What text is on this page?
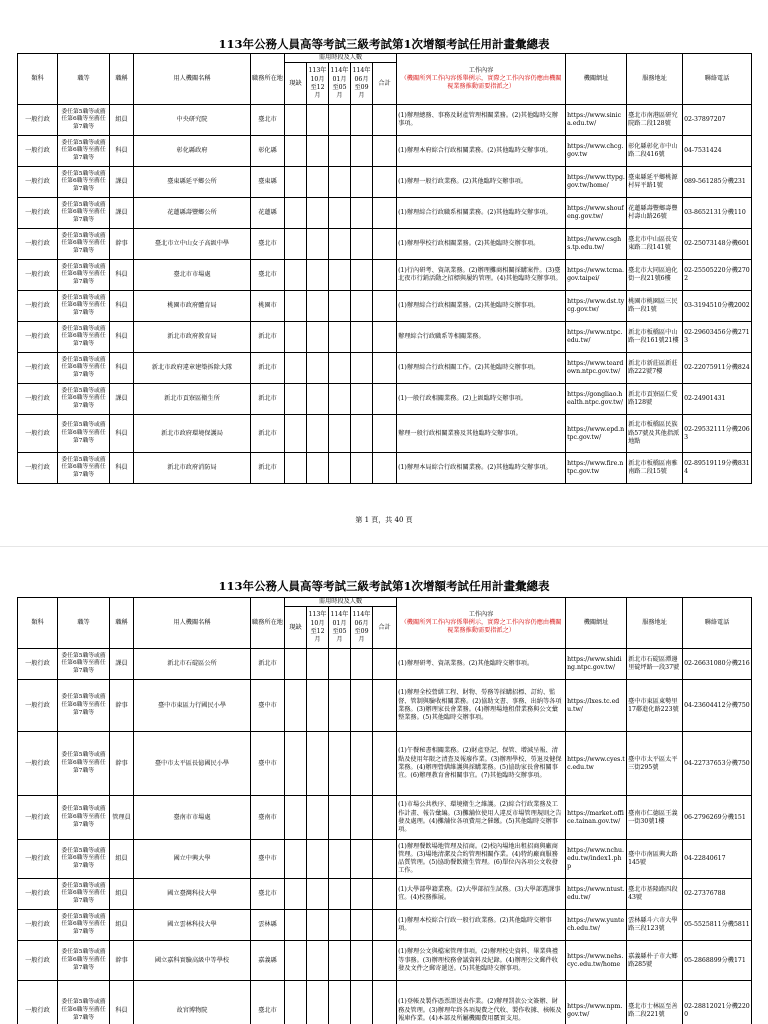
113年公務人員高等考試三級考試第1次增額考試任用計畫彙總表
類科	職等	職稱	用人機關名稱	職務所在地	需用時段及人數					工作內容
（機關所列工作內容係舉例示，實際之工作內容仍應由機關視業務推動需要指派之）	機關網址	服務地址	聯絡電話
					現缺	113年10月至12月	114年01月至05月	114年06月至09月	合計				
一般行政	委任第5職等或薦任第6職等至薦任第7職等	組員	中央研究院	臺北市						(1)辦理總務、事務及財產管理相關業務。(2)其他臨時交辦事項。	https://www.sinica.edu.tw/	臺北市南港區研究院路二段128號	02-37897207
一般行政	委任第5職等或薦任第6職等至薦任第7職等	科員	彰化縣政府	彰化縣						(1)辦理本府綜合行政相關業務。(2)其他臨時交辦事項。	https://www.chcg.gov.tw	彰化縣彰化市中山路二段416號	04-7531424
一般行政	委任第5職等或薦任第6職等至薦任第7職等	課員	臺東縣延平鄉公所	臺東縣						(1)辦理一般行政業務。(2)其他臨時交辦事項。	https://www.ttypg.gov.tw/home/	臺東縣延平鄉桃源村昇平路1號	089-561285分機231
一般行政	委任第5職等或薦任第6職等至薦任第7職等	課員	花蓮縣壽豐鄉公所	花蓮縣						(1)辦理綜合行政職系相關業務。(2)其他臨時交辦事項。	https://www.shoufeng.gov.tw/	花蓮縣壽豐鄉壽豐村壽山路26號	03-8652131分機110
一般行政	委任第5職等或薦任第6職等至薦任第7職等	幹事	臺北市立中山女子高級中學	臺北市						(1)辦理學校行政相關業務。(2)其他臨時交辦事項。	https://www.csghs.tp.edu.tw/	臺北市中山區長安東路二段141號	02-25073148分機601
一般行政	委任第5職等或薦任第6職等至薦任第7職等	科員	臺北市市場處	臺北市						(1)行內研考、資訊業務。(2)辦理攤商相關採購案件。(3)臺北夜市行銷活動之招標與履約管理。(4)其他臨時交辦事項。	https://www.tcma.gov.taipei/	臺北市大同區迪化街一段21號6樓	02-25505220分機2702
一般行政	委任第5職等或薦任第6職等至薦任第7職等	科員	桃園市政府體育局	桃園市						(1)辦理綜合行政相關業務。(2)其他臨時交辦事項。	https://www.dst.tycg.gov.tw/	桃園市桃園區三民路一段1號	03-3194510分機2002
一般行政	委任第5職等或薦任第6職等至薦任第7職等	科員	新北市政府教育局	新北市						辦理綜合行政職系等相關業務。	https://www.ntpc.edu.tw/	新北市板橋區中山路一段161號21樓	02-29603456分機2713
一般行政	委任第5職等或薦任第6職等至薦任第7職等	科員	新北市政府違章建築拆除大隊	新北市						(1)辦理綜合行政相關工作。(2)其他臨時交辦事項。	https://www.teardown.ntpc.gov.tw/	新北市新莊區新莊路222號7樓	02-22075911分機824
一般行政	委任第5職等或薦任第6職等至薦任第7職等	課員	新北市貢寮區衛生所	新北市						(1)一般行政相關業務。(2)上級臨時交辦事項。	https://gongliao.health.ntpc.gov.tw/	新北市貢寮區仁愛路128號	02-24901431
一般行政	委任第5職等或薦任第6職等至薦任第7職等	科員	新北市政府環境保護局	新北市						辦理一般行政相關業務及其他臨時交辦事項。	https://www.epd.ntpc.gov.tw/	新北市板橋區民族路57號及其他指派地點	02-29532111分機2063
一般行政	委任第5職等或薦任第6職等至薦任第7職等	科員	新北市政府消防局	新北市						(1)辦理本局綜合行政相關業務。(2)其他臨時交辦事項。	https://www.fire.ntpc.gov.tw	新北市板橋區南雅南路二段15號	02-89519119分機8314
第 1 頁，共 40 頁
113年公務人員高等考試三級考試第1次增額考試任用計畫彙總表
類科	職等	職稱	用人機關名稱	職務所在地	需用時段及人數					工作內容
（機關所列工作內容係舉例示，實際之工作內容仍應由機關視業務推動需要指派之）	機關網址	服務地址	聯絡電話
					現缺	113年10月至12月	114年01月至05月	114年06月至09月	合計				
一般行政	委任第5職等或薦任第6職等至薦任第7職等	課員	新北市石碇區公所	新北市						(1)辦理研考、資訊業務。(2)其他臨時交辦事項。	https://www.shiding.ntpc.gov.tw/	新北市石碇區潭邊里碇坪路一段37號	02-26631080分機216
一般行政	委任第5職等或薦任第6職等至薦任第7職等	幹事	臺中市東區力行國民小學	臺中市						(1)辦理全校營繕工程、財物、勞務等採購招標、訂約、監督、管制與驗收相關業務。(2)協助文書、事務、出納等各項業務。(3)辦理家長會業務。(4)辦理場地租借業務與公文彙整業務。(5)其他臨時交辦事項。	https://lxes.tc.edu.tw/	臺中市東區東勢里17鄰進化路223號	04-23604412分機750
一般行政	委任第5職等或薦任第6職等至薦任第7職等	幹事	臺中市太平區長億國民小學	臺中市						(1)午餐秘書相關業務。(2)財產登記、保管、增減呈報、清點及使用年限之清查及報廢作業。(3)辦理學校、勞退及健保業務。(4)辦理營繕維護與採購業務。(5)協助家長會相關事宜。(6)辦理教育會相關事宜。(7)其他臨時交辦事項。	https://www.cyes.tc.edu.tw	臺中市太平區太平三街295號	04-22737653分機750
一般行政	委任第5職等或薦任第6職等至薦任第7職等	管理員	臺南市市場處	臺南市						(1)市場公共秩序、環境衛生之維護。(2)綜合行政業務及工作計畫、報告彙編。(3)攤舖位使用人違反市場管理規則之告發及處理。(4)攤舖位各項費用之催繳。(5)其他臨時交辦事項。	https://market.office.tainan.gov.tw/	臺南市仁德區王義一街30號1樓	06-2796269分機151
一般行政	委任第5職等或薦任第6職等至薦任第7職等	組員	國立中興大學	臺中市						(1)辦理餐飲場地管理及招商。(2)校內場地出租招商與廠商管理。(3)場地清潔及合約管理相關作業。(4)特約廠商服務品質管理。(5)協助餐飲衛生管理。(6)單位內各項公文收發工作。	https://www.nchu.edu.tw/index1.php	臺中市南區興大路145號	04-22840617
一般行政	委任第5職等或薦任第6職等至薦任第7職等	組員	國立臺灣科技大學	臺北市						(1)大學部學籍業務。(2)大學部招生試務。(3)大學部選課事宜。(4)校務推展。	https://www.ntust.edu.tw/	臺北市基隆路四段43號	02-27376788
一般行政	委任第5職等或薦任第6職等至薦任第7職等	組員	國立雲林科技大學	雲林縣						(1)辦理本校綜合行政一般行政業務。(2)其他臨時交辦事項。	https://www.yuntech.edu.tw/	雲林縣斗六市大學路三段123號	05-5525811分機5811
一般行政	委任第5職等或薦任第6職等至薦任第7職等	幹事	國立嘉科實驗高級中等學校	嘉義縣						(1)辦理公文與檔案管理事項。(2)辦理校史資料、畢業典禮等事務。(3)辦理校務會議資料及紀錄。(4)辦理公文郵件收發及文件之郵寄遞送。(5)其他臨時交辦事項。	https://www.nehs.cyc.edu.tw/home	嘉義縣朴子市大鄉路285號	05-2868899分機171
一般行政	委任第5職等或薦任第6職等至薦任第7職等	科員	故宮博物院	臺北市						(1)登帳及製作憑票證送表作業。(2)辦理罰款公文簽辦、財務及管理。(3)辦理年終各項規費之代收、製作收據、核帳及報庫作業。(4)本部及所屬機關費用覈實支用。	https://www.npm.gov.tw/	臺北市士林區至善路二段221號	02-28812021分機2200
